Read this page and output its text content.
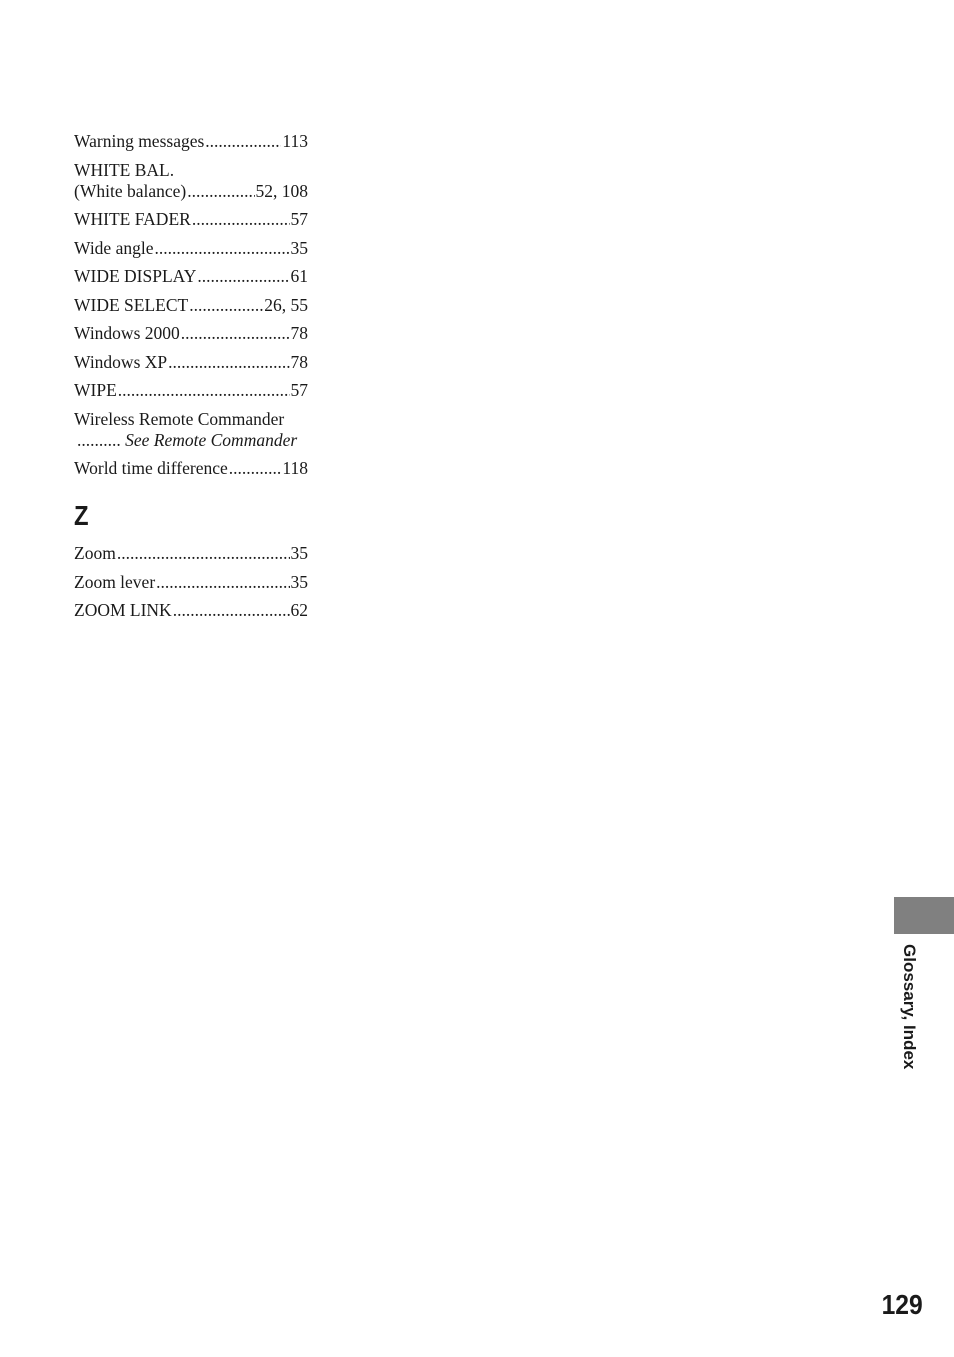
Warning messages .....	113
WHITE BAL.
(White balance) .....	52, 108
WHITE FADER .....	57
Wide angle .....	35
WIDE DISPLAY .....	61
WIDE SELECT .....	26, 55
Windows 2000 .....	78
Windows XP .....	78
WIPE .....	57
Wireless Remote Commander
.......... See Remote Commander
World time difference .....	118
Z
Zoom .....	35
Zoom lever .....	35
ZOOM LINK .....	62
Glossary, Index
129
